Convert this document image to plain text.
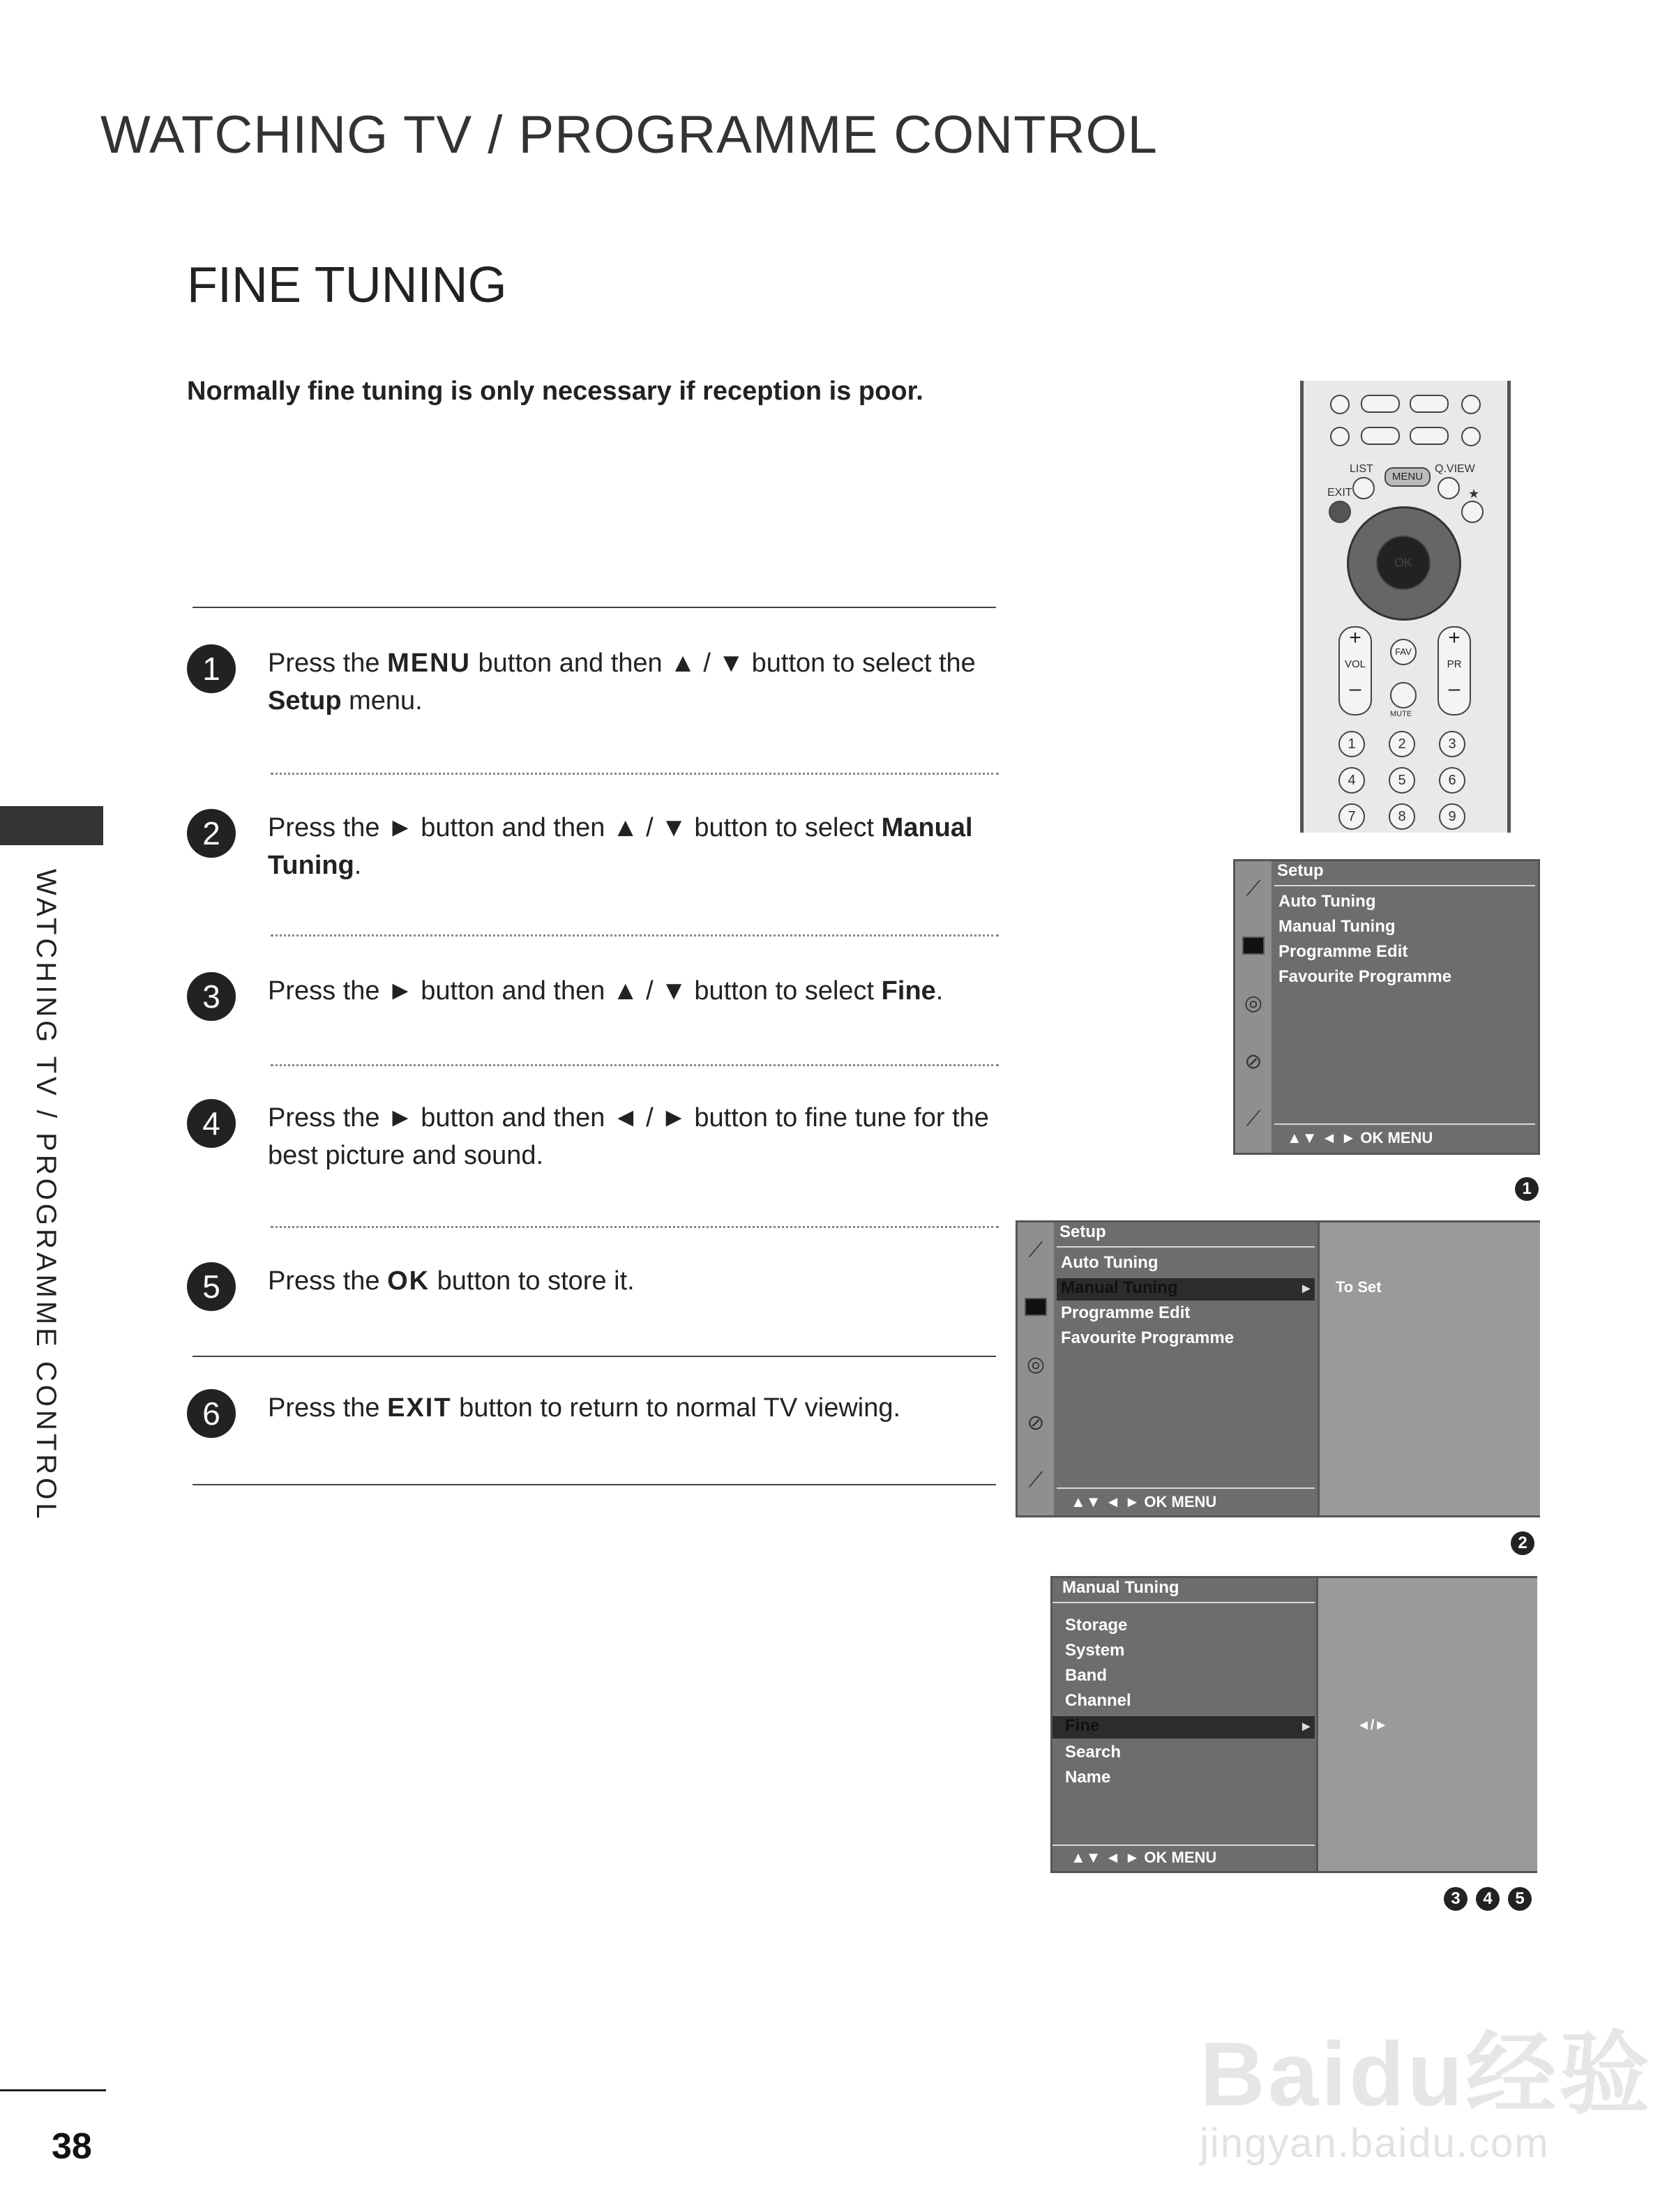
WATCHING TV / PROGRAMME CONTROL
FINE TUNING
Normally fine tuning is only necessary if reception is poor.
1	Press the MENU button and then ▲ / ▼ button to select the Setup menu.
2	Press the ► button and then ▲ / ▼ button to select Manual Tuning.
3	Press the ► button and then ▲ / ▼ button to select Fine.
4	Press the ► button and then ◄ / ► button to fine tune for the best picture and sound.
5	Press the OK button to store it.
6	Press the EXIT button to return to normal TV viewing.
WATCHING TV / PROGRAMME CONTROL
38
LIST
MENU
Q.VIEW
EXIT	★
OK
+
VOL
–
+
PR
–
FAV
MUTE
1	2	3
4	5	6
7	8	9
⟋
◎
⊘
⟋
Setup
Auto Tuning
Manual Tuning
Programme Edit
Favourite Programme
▲▼ ◄ ► OK MENU
1
⟋
◎
⊘
⟋
Setup
Auto Tuning
Manual Tuning	►
Programme Edit
Favourite Programme
▲▼ ◄ ► OK MENU
To Set
2
Manual Tuning
Storage
System
Band
Channel
Fine	►
Search
Name
▲▼ ◄ ► OK MENU
◄/►
3	4	5
Baidu经验
jingyan.baidu.com
